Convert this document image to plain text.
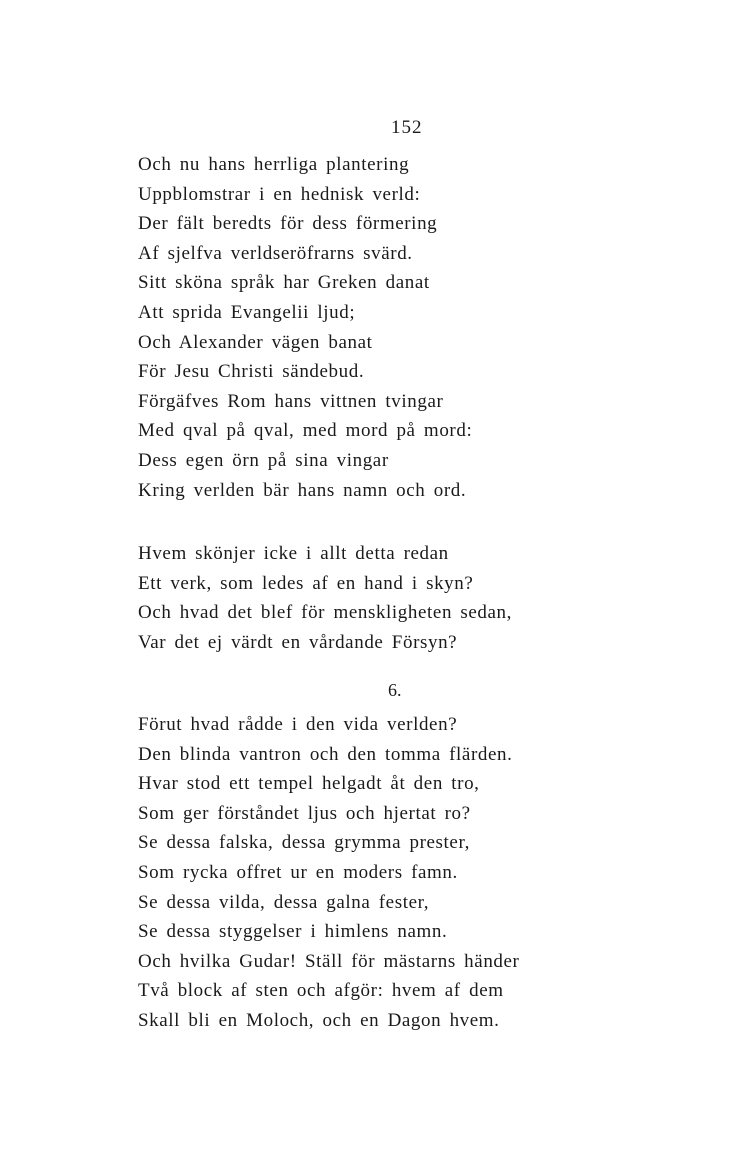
152
Och nu hans herrliga plantering
Uppblomstrar i en hednisk verld:
Der fält beredts för dess förmering
Af sjelfva verldseröfrarns svärd.
Sitt sköna språk har Greken danat
Att sprida Evangelii ljud;
Och Alexander vägen banat
För Jesu Christi sändebud.
Förgäfves Rom hans vittnen tvingar
Med qval på qval, med mord på mord:
Dess egen örn på sina vingar
Kring verlden bär hans namn och ord.
Hvem skönjer icke i allt detta redan
Ett verk, som ledes af en hand i skyn?
Och hvad det blef för menskligheten sedan,
Var det ej värdt en vårdande Försyn?
6.
Förut hvad rådde i den vida verlden?
Den blinda vantron och den tomma flärden.
Hvar stod ett tempel helgadt åt den tro,
Som ger förståndet ljus och hjertat ro?
Se dessa falska, dessa grymma prester,
Som rycka offret ur en moders famn.
Se dessa vilda, dessa galna fester,
Se dessa styggelser i himlens namn.
Och hvilka Gudar! Ställ för mästarns händer
Två block af sten och afgör: hvem af dem
Skall bli en Moloch, och en Dagon hvem.
